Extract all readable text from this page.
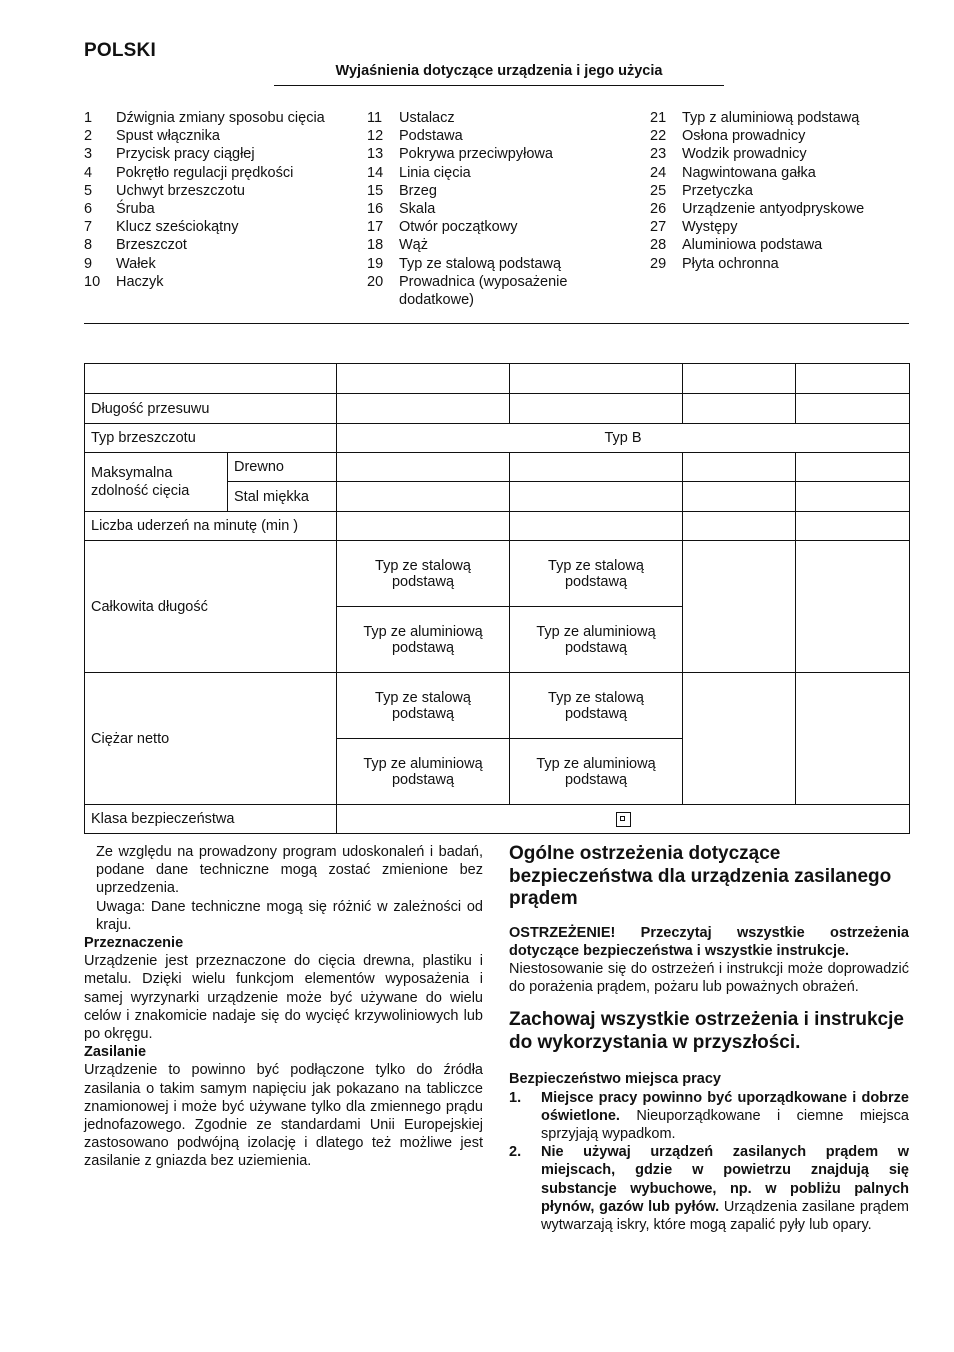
POLSKI
Wyjaśnienia dotyczące urządzenia i jego użycia
1	Dźwignia zmiany sposobu cięcia
2	Spust włącznika
3	Przycisk pracy ciągłej
4	Pokrętło regulacji prędkości
5	Uchwyt brzeszczotu
6	Śruba
7	Klucz sześciokątny
8	Brzeszczot
9	Wałek
10	Haczyk
11	Ustalacz
12	Podstawa
13	Pokrywa przeciwpyłowa
14	Linia cięcia
15	Brzeg
16	Skala
17	Otwór początkowy
18	Wąż
19	Typ ze stalową podstawą
20	Prowadnica (wyposażenie dodatkowe)
21	Typ z aluminiową podstawą
22	Osłona prowadnicy
23	Wodzik prowadnicy
24	Nagwintowana gałka
25	Przetyczka
26	Urządzenie antyodpryskowe
27	Występy
28	Aluminiowa podstawa
29	Płyta ochronna

Długość przesuwu					
Typ brzeszczotu		Typ B			
Maksymalna zdolność cięcia	Drewno				
	Stal miękka				
Liczba uderzeń na minutę (min )					
Całkowita długość		Typ ze stalową podstawą	Typ ze stalową podstawą		
		Typ ze aluminiową podstawą	Typ ze aluminiową podstawą		
Ciężar netto		Typ ze stalową podstawą	Typ ze stalową podstawą		
		Typ ze aluminiową podstawą	Typ ze aluminiową podstawą		
Klasa bezpieczeństwa					

Ze względu na prowadzony program udoskonaleń i badań, podane dane techniczne mogą zostać zmienione bez uprzedzenia.

Uwaga: Dane techniczne mogą się różnić w zależności od kraju.

Przeznaczenie

Urządzenie jest przeznaczone do cięcia drewna, plastiku i metalu. Dzięki wielu funkcjom elementów wyposażenia i samej wyrzynarki urządzenie może być używane do wielu celów i znakomicie nadaje się do wycięć krzywoliniowych lub po okręgu.

Zasilanie

Urządzenie to powinno być podłączone tylko do źródła zasilania o takim samym napięciu jak pokazano na tabliczce znamionowej i może być używane tylko dla zmiennego prądu jednofazowego. Zgodnie ze standardami Unii Europejskiej zastosowano podwójną izolację i dlatego też możliwe jest zasilanie z gniazda bez uziemienia.

Ogólne ostrzeżenia dotyczące bezpieczeństwa dla urządzenia zasilanego prądem

OSTRZEŻENIE! Przeczytaj wszystkie ostrzeżenia dotyczące bezpieczeństwa i wszystkie instrukcje.

Niestosowanie się do ostrzeżeń i instrukcji może doprowadzić do porażenia prądem, pożaru lub poważnych obrażeń.

Zachowaj wszystkie ostrzeżenia i instrukcje do wykorzystania w przyszłości.

Bezpieczeństwo miejsca pracy

1.	Miejsce pracy powinno być uporządkowane i dobrze oświetlone. Nieuporządkowane i ciemne miejsca sprzyjają wypadkom.
2.	Nie używaj urządzeń zasilanych prądem w miejscach, gdzie w powietrzu znajdują się substancje wybuchowe, np. w pobliżu palnych płynów, gazów lub pyłów. Urządzenia zasilane prądem wytwarzają iskry, które mogą zapalić pyły lub opary.
